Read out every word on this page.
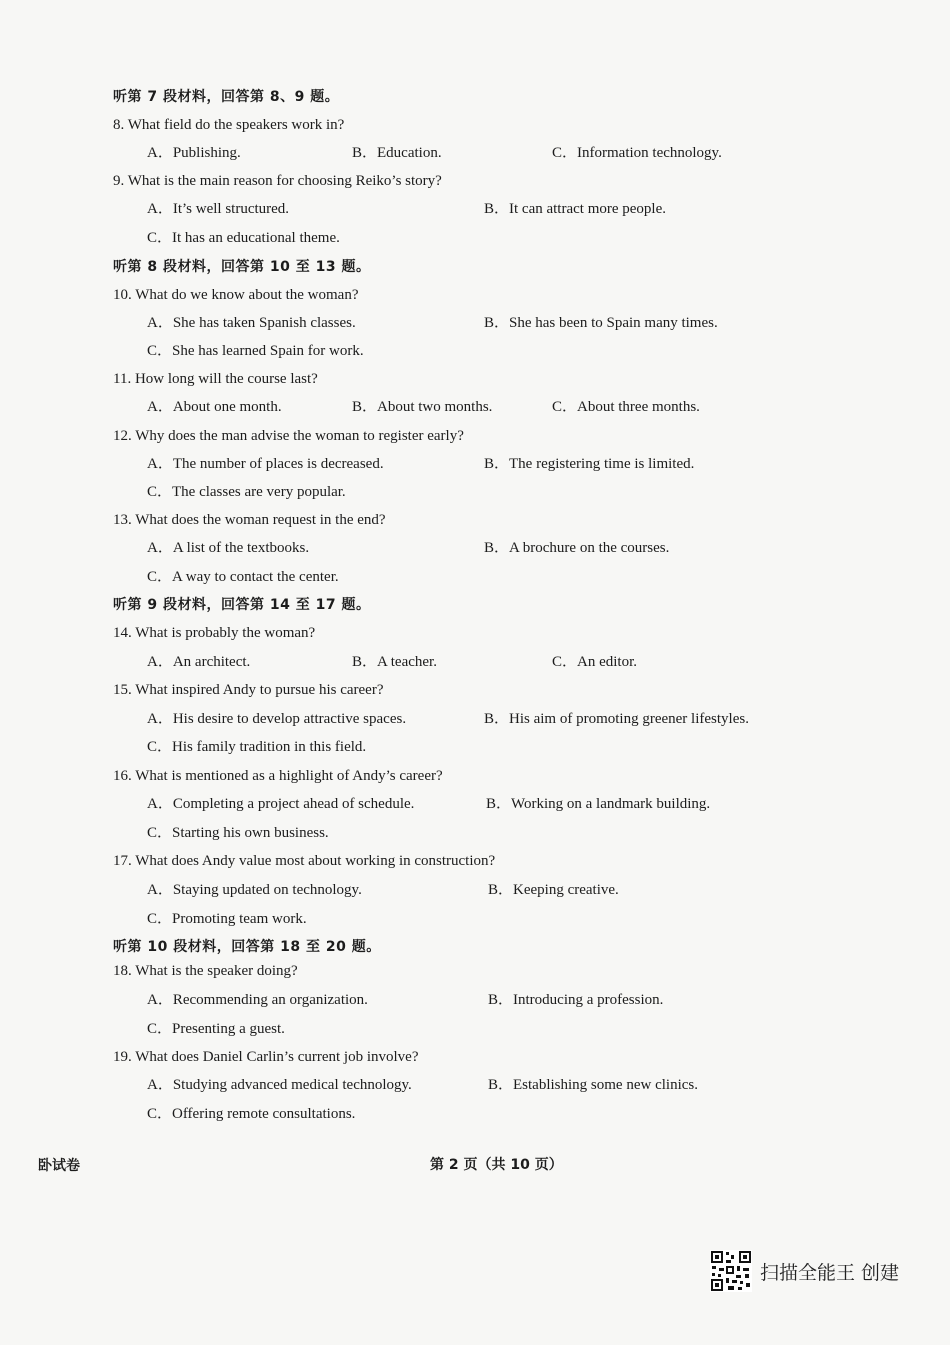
听第 7 段材料，回答第 8、9 题。
听第 8 段材料，回答第 10 至 13 题。
听第 9 段材料，回答第 14 至 17 题。
听第 10 段材料，回答第 18 至 20 题。
8. What field do the speakers work in?
A．Publishing.	B．Education.	C．Information technology.
9. What is the main reason for choosing Reiko’s story?
A．It’s well structured.	B．It can attract more people.
C．It has an educational theme.
10. What do we know about the woman?
A．She has taken Spanish classes.	B．She has been to Spain many times.
C．She has learned Spain for work.
11. How long will the course last?
A．About one month.	B．About two months.	C．About three months.
12. Why does the man advise the woman to register early?
A．The number of places is decreased.	B．The registering time is limited.
C．The classes are very popular.
13. What does the woman request in the end?
A．A list of the textbooks.	B．A brochure on the courses.
C．A way to contact the center.
14. What is probably the woman?
A．An architect.	B．A teacher.	C．An editor.
15. What inspired Andy to pursue his career?
A．His desire to develop attractive spaces.	B．His aim of promoting greener lifestyles.
C．His family tradition in this field.
16. What is mentioned as a highlight of Andy’s career?
A．Completing a project ahead of schedule.	B．Working on a landmark building.
C．Starting his own business.
17. What does Andy value most about working in construction?
A．Staying updated on technology.	B．Keeping creative.
C．Promoting team work.
18. What is the speaker doing?
A．Recommending an organization.	B．Introducing a profession.
C．Presenting a guest.
19. What does Daniel Carlin’s current job involve?
A．Studying advanced medical technology.	B．Establishing some new clinics.
C．Offering remote consultations.
卧试卷	第 2 页（共 10 页）
扫描全能王 创建
